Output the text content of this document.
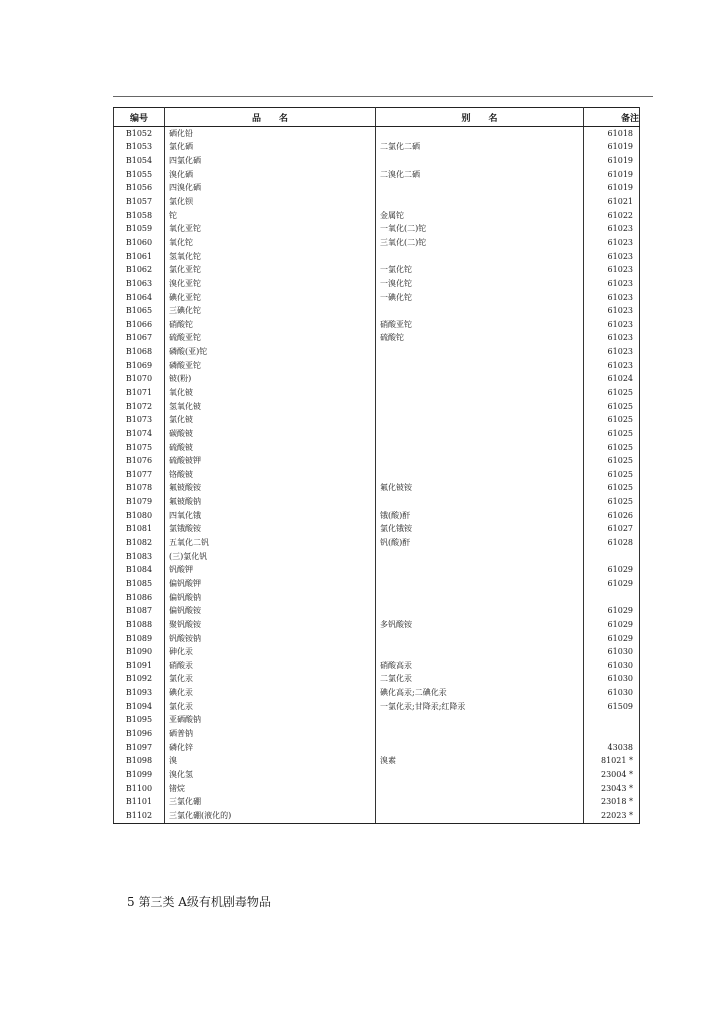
编号	品　　名	别　　名	备注
B1052	硒化铅		61018
B1053	氯化硒	二氯化二硒	61019
B1054	四氯化硒		61019
B1055	溴化硒	二溴化二硒	61019
B1056	四溴化硒		61019
B1057	氯化钡		61021
B1058	铊	金属铊	61022
B1059	氧化亚铊	一氧化(二)铊	61023
B1060	氧化铊	三氧化(二)铊	61023
B1061	氢氧化铊		61023
B1062	氯化亚铊	一氯化铊	61023
B1063	溴化亚铊	一溴化铊	61023
B1064	碘化亚铊	一碘化铊	61023
B1065	三碘化铊		61023
B1066	硝酸铊	硝酸亚铊	61023
B1067	硫酸亚铊	硫酸铊	61023
B1068	磷酸(亚)铊		61023
B1069	磷酸亚铊		61023
B1070	铍(粉)		61024
B1071	氧化铍		61025
B1072	氢氧化铍		61025
B1073	氯化铍		61025
B1074	碳酸铍		61025
B1075	硫酸铍		61025
B1076	硫酸铍钾		61025
B1077	铬酸铍		61025
B1078	氟铍酸铵	氟化铍铵	61025
B1079	氟铍酸钠		61025
B1080	四氧化锇	锇(酸)酐	61026
B1081	氯锇酸铵	氯化锇铵	61027
B1082	五氧化二钒	钒(酸)酐	61028
B1083	(三)氯化钒		
B1084	钒酸钾		61029
B1085	偏钒酸钾		61029
B1086	偏钒酸钠		
B1087	偏钒酸铵		61029
B1088	聚钒酸铵	多钒酸铵	61029
B1089	钒酸铵钠		61029
B1090	砷化汞		61030
B1091	硝酸汞	硝酸高汞	61030
B1092	氯化汞	二氯化汞	61030
B1093	碘化汞	碘化高汞;二碘化汞	61030
B1094	氯化汞	一氯化汞;甘降汞;红降汞	61509
B1095	亚硒酸钠		
B1096	硒普钠		
B1097	磷化锌		43038
B1098	溴	溴素	81021 *
B1099	溴化氢		23004 *
B1100	锗烷		23043 *
B1101	三氯化硼		23018 *
B1102	三氯化硼(液化的)		22023 *
5 第三类 A级有机剧毒物品
